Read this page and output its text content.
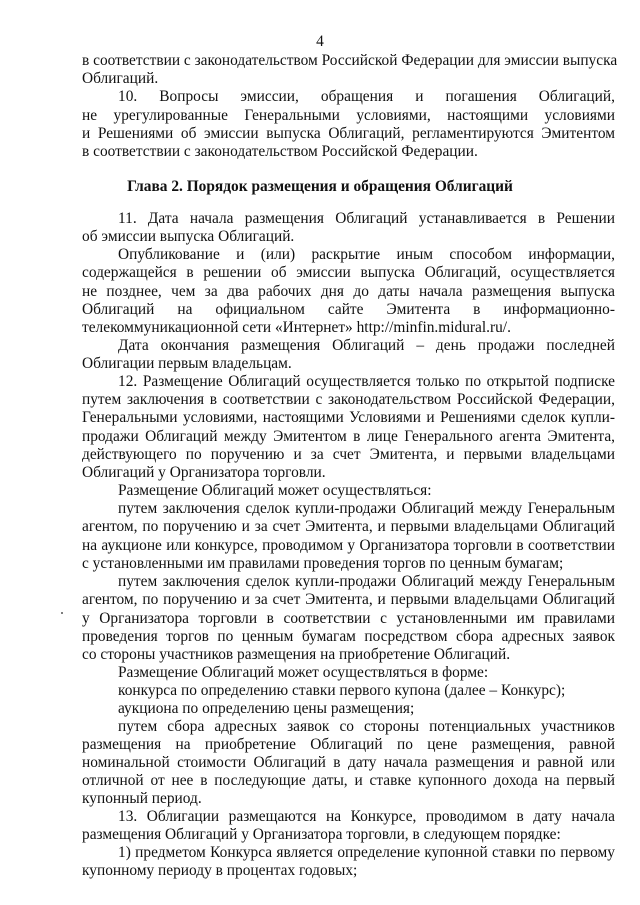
4
в соответствии с законодательством Российской Федерации для эмиссии выпуска
Облигаций.
10. Вопросы эмиссии, обращения и погашения Облигаций,
не урегулированные Генеральными условиями, настоящими условиями
и Решениями об эмиссии выпуска Облигаций, регламентируются Эмитентом
в соответствии с законодательством Российской Федерации.
11. Дата начала размещения Облигаций устанавливается в Решении
об эмиссии выпуска Облигаций.
Опубликование и (или) раскрытие иным способом информации,
содержащейся в решении об эмиссии выпуска Облигаций, осуществляется
не позднее, чем за два рабочих дня до даты начала размещения выпуска
Облигаций на официальном сайте Эмитента в информационно-
телекоммуникационной сети «Интернет» http://minfin.midural.ru/.
Дата окончания размещения Облигаций – день продажи последней
Облигации первым владельцам.
12. Размещение Облигаций осуществляется только по открытой подписке
путем заключения в соответствии с законодательством Российской Федерации,
Генеральными условиями, настоящими Условиями и Решениями сделок купли-
продажи Облигаций между Эмитентом в лице Генерального агента Эмитента,
действующего по поручению и за счет Эмитента, и первыми владельцами
Облигаций у Организатора торговли.
Размещение Облигаций может осуществляться:
путем заключения сделок купли-продажи Облигаций между Генеральным
агентом, по поручению и за счет Эмитента, и первыми владельцами Облигаций
на аукционе или конкурсе, проводимом у Организатора торговли в соответствии
с установленными им правилами проведения торгов по ценным бумагам;
путем заключения сделок купли-продажи Облигаций между Генеральным
агентом, по поручению и за счет Эмитента, и первыми владельцами Облигаций
у Организатора торговли в соответствии с установленными им правилами
проведения торгов по ценным бумагам посредством сбора адресных заявок
со стороны участников размещения на приобретение Облигаций.
Размещение Облигаций может осуществляться в форме:
конкурса по определению ставки первого купона (далее – Конкурс);
аукциона по определению цены размещения;
путем сбора адресных заявок со стороны потенциальных участников
размещения на приобретение Облигаций по цене размещения, равной
номинальной стоимости Облигаций в дату начала размещения и равной или
отличной от нее в последующие даты, и ставке купонного дохода на первый
купонный период.
13. Облигации размещаются на Конкурсе, проводимом в дату начала
размещения Облигаций у Организатора торговли, в следующем порядке:
1) предметом Конкурса является определение купонной ставки по первому
купонному периоду в процентах годовых;
Глава 2. Порядок размещения и обращения Облигаций
